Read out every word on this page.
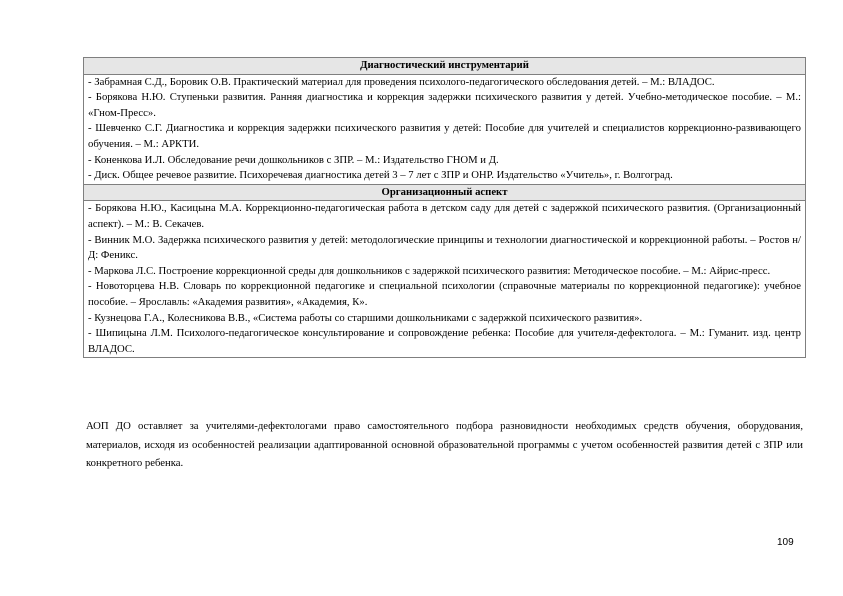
Диагностический инструментарий

- Забрамная С.Д., Боровик О.В. Практический материал для проведения психолого-педагогического обследования детей. – М.: ВЛАДОС.
- Борякова Н.Ю. Ступеньки развития. Ранняя диагностика и коррекция задержки психического развития у детей. Учебно-методическое пособие. – М.: «Гном-Пресс».
- Шевченко С.Г. Диагностика и коррекция задержки психического развития у детей: Пособие для учителей и специалистов коррекционно-развивающего обучения. – М.: АРКТИ.
- Коненкова И.Л. Обследование речи дошкольников с ЗПР. – М.: Издательство ГНОМ и Д.
- Диск. Общее речевое развитие. Психоречевая диагностика детей 3 – 7 лет с ЗПР и ОНР. Издательство «Учитель», г. Волгоград.

Организационный аспект

- Борякова Н.Ю., Касицына М.А. Коррекционно-педагогическая работа в детском саду для детей с задержкой психического развития. (Организационный аспект). – М.: В. Секачев.
- Винник М.О. Задержка психического развития у детей: методологические принципы и технологии диагностической и коррекционной работы. – Ростов н/Д: Феникс.
- Маркова Л.С. Построение коррекционной среды для дошкольников с задержкой психического развития: Методическое пособие. – М.: Айрис-пресс.
- Новоторцева Н.В. Словарь по коррекционной педагогике и специальной психологии (справочные материалы по коррекционной педагогике): учебное пособие. – Ярославль: «Академия развития», «Академия, К».
- Кузнецова Г.А., Колесникова В.В., «Система работы со старшими дошкольниками с задержкой психического развития».
- Шипицына Л.М. Психолого-педагогическое консультирование и сопровождение ребенка: Пособие для учителя-дефектолога. – М.: Гуманит. изд. центр ВЛАДОС.

АОП ДО оставляет за учителями-дефектологами право самостоятельного подбора разновидности необходимых средств обучения, оборудования, материалов, исходя из особенностей реализации адаптированной основной образовательной программы с учетом особенностей развития детей с ЗПР или конкретного ребенка.

109
